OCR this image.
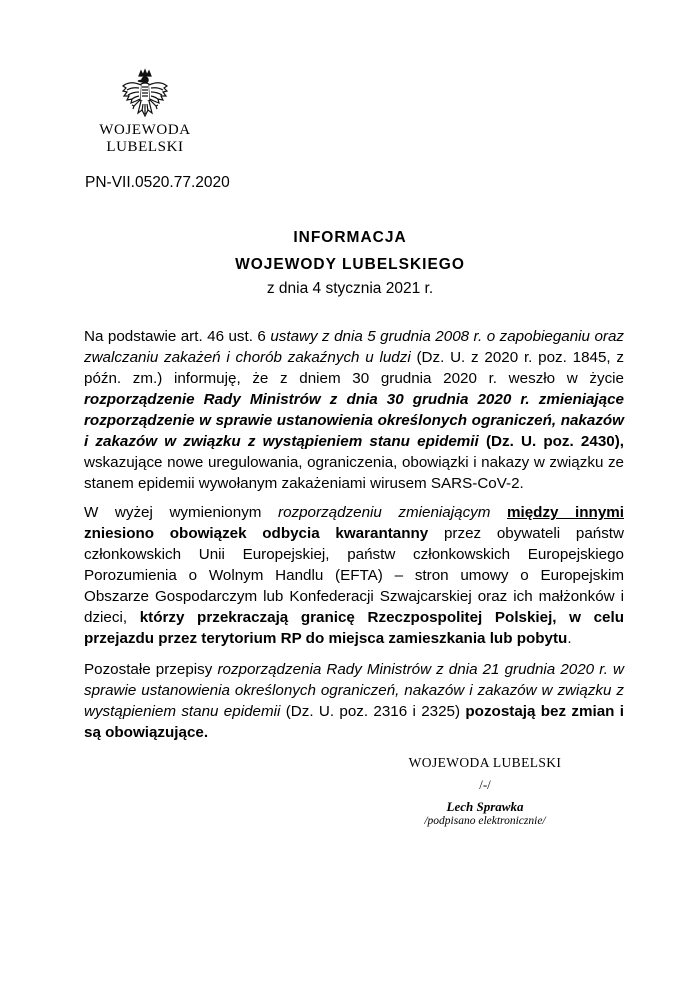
WOJEWODA LUBELSKI
PN-VII.0520.77.2020
INFORMACJA
WOJEWODY LUBELSKIEGO
z dnia 4 stycznia 2021 r.

Na podstawie art. 46 ust. 6 ustawy z dnia 5 grudnia 2008 r. o zapobieganiu oraz zwalczaniu zakażeń i chorób zakaźnych u ludzi (Dz. U. z 2020 r. poz. 1845, z późn. zm.) informuję, że z dniem 30 grudnia 2020 r. weszło w życie rozporządzenie Rady Ministrów z dnia 30 grudnia 2020 r. zmieniające rozporządzenie w sprawie ustanowienia określonych ograniczeń, nakazów i zakazów w związku z wystąpieniem stanu epidemii (Dz. U. poz. 2430), wskazujące nowe uregulowania, ograniczenia, obowiązki i nakazy w związku ze stanem epidemii wywołanym zakażeniami wirusem SARS-CoV-2.

W wyżej wymienionym rozporządzeniu zmieniającym między innymi zniesiono obowiązek odbycia kwarantanny przez obywateli państw członkowskich Unii Europejskiej, państw członkowskich Europejskiego Porozumienia o Wolnym Handlu (EFTA) – stron umowy o Europejskim Obszarze Gospodarczym lub Konfederacji Szwajcarskiej oraz ich małżonków i dzieci, którzy przekraczają granicę Rzeczpospolitej Polskiej, w celu przejazdu przez terytorium RP do miejsca zamieszkania lub pobytu.

Pozostałe przepisy rozporządzenia Rady Ministrów z dnia 21 grudnia 2020 r. w sprawie ustanowienia określonych ograniczeń, nakazów i zakazów w związku z wystąpieniem stanu epidemii (Dz. U. poz. 2316 i 2325) pozostają bez zmian i są obowiązujące.

WOJEWODA LUBELSKI
/-/
Lech Sprawka
/podpisano elektronicznie/
